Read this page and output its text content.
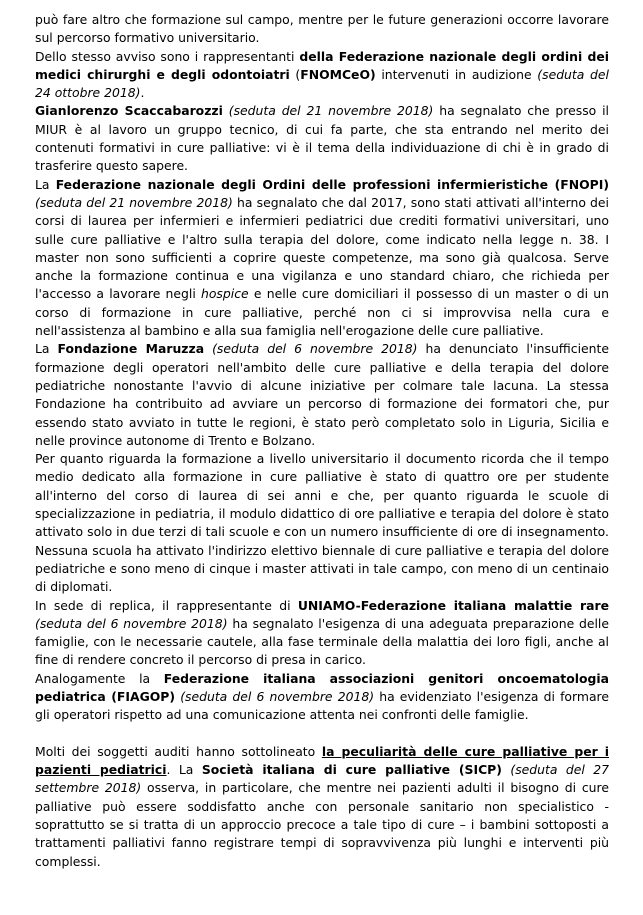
può fare altro che formazione sul campo, mentre per le future generazioni occorre lavorare sul percorso formativo universitario.

Dello stesso avviso sono i rappresentanti della Federazione nazionale degli ordini dei medici chirurghi e degli odontoiatri (FNOMCeO) intervenuti in audizione (seduta del 24 ottobre 2018).

Gianlorenzo Scaccabarozzi (seduta del 21 novembre 2018) ha segnalato che presso il MIUR è al lavoro un gruppo tecnico, di cui fa parte, che sta entrando nel merito dei contenuti formativi in cure palliative: vi è il tema della individuazione di chi è in grado di trasferire questo sapere.

La Federazione nazionale degli Ordini delle professioni infermieristiche (FNOPI) (seduta del 21 novembre 2018) ha segnalato che dal 2017, sono stati attivati all'interno dei corsi di laurea per infermieri e infermieri pediatrici due crediti formativi universitari, uno sulle cure palliative e l'altro sulla terapia del dolore, come indicato nella legge n. 38. I master non sono sufficienti a coprire queste competenze, ma sono già qualcosa. Serve anche la formazione continua e una vigilanza e uno standard chiaro, che richieda per l'accesso a lavorare negli hospice e nelle cure domiciliari il possesso di un master o di un corso di formazione in cure palliative, perché non ci si improvvisa nella cura e nell'assistenza al bambino e alla sua famiglia nell'erogazione delle cure palliative.

La Fondazione Maruzza (seduta del 6 novembre 2018) ha denunciato l'insufficiente formazione degli operatori nell'ambito delle cure palliative e della terapia del dolore pediatriche nonostante l'avvio di alcune iniziative per colmare tale lacuna. La stessa Fondazione ha contribuito ad avviare un percorso di formazione dei formatori che, pur essendo stato avviato in tutte le regioni, è stato però completato solo in Liguria, Sicilia e nelle province autonome di Trento e Bolzano.

Per quanto riguarda la formazione a livello universitario il documento ricorda che il tempo medio dedicato alla formazione in cure palliative è stato di quattro ore per studente all'interno del corso di laurea di sei anni e che, per quanto riguarda le scuole di specializzazione in pediatria, il modulo didattico di ore palliative e terapia del dolore è stato attivato solo in due terzi di tali scuole e con un numero insufficiente di ore di insegnamento. Nessuna scuola ha attivato l'indirizzo elettivo biennale di cure palliative e terapia del dolore pediatriche e sono meno di cinque i master attivati in tale campo, con meno di un centinaio di diplomati.

In sede di replica, il rappresentante di UNIAMO-Federazione italiana malattie rare (seduta del 6 novembre 2018) ha segnalato l'esigenza di una adeguata preparazione delle famiglie, con le necessarie cautele, alla fase terminale della malattia dei loro figli, anche al fine di rendere concreto il percorso di presa in carico.

Analogamente la Federazione italiana associazioni genitori oncoematologia pediatrica (FIAGOP) (seduta del 6 novembre 2018) ha evidenziato l'esigenza di formare gli operatori rispetto ad una comunicazione attenta nei confronti delle famiglie.

Molti dei soggetti auditi hanno sottolineato la peculiarità delle cure palliative per i pazienti pediatrici. La Società italiana di cure palliative (SICP) (seduta del 27 settembre 2018) osserva, in particolare, che mentre nei pazienti adulti il bisogno di cure palliative può essere soddisfatto anche con personale sanitario non specialistico - soprattutto se si tratta di un approccio precoce a tale tipo di cure – i bambini sottoposti a trattamenti palliativi fanno registrare tempi di sopravvivenza più lunghi e interventi più complessi.
